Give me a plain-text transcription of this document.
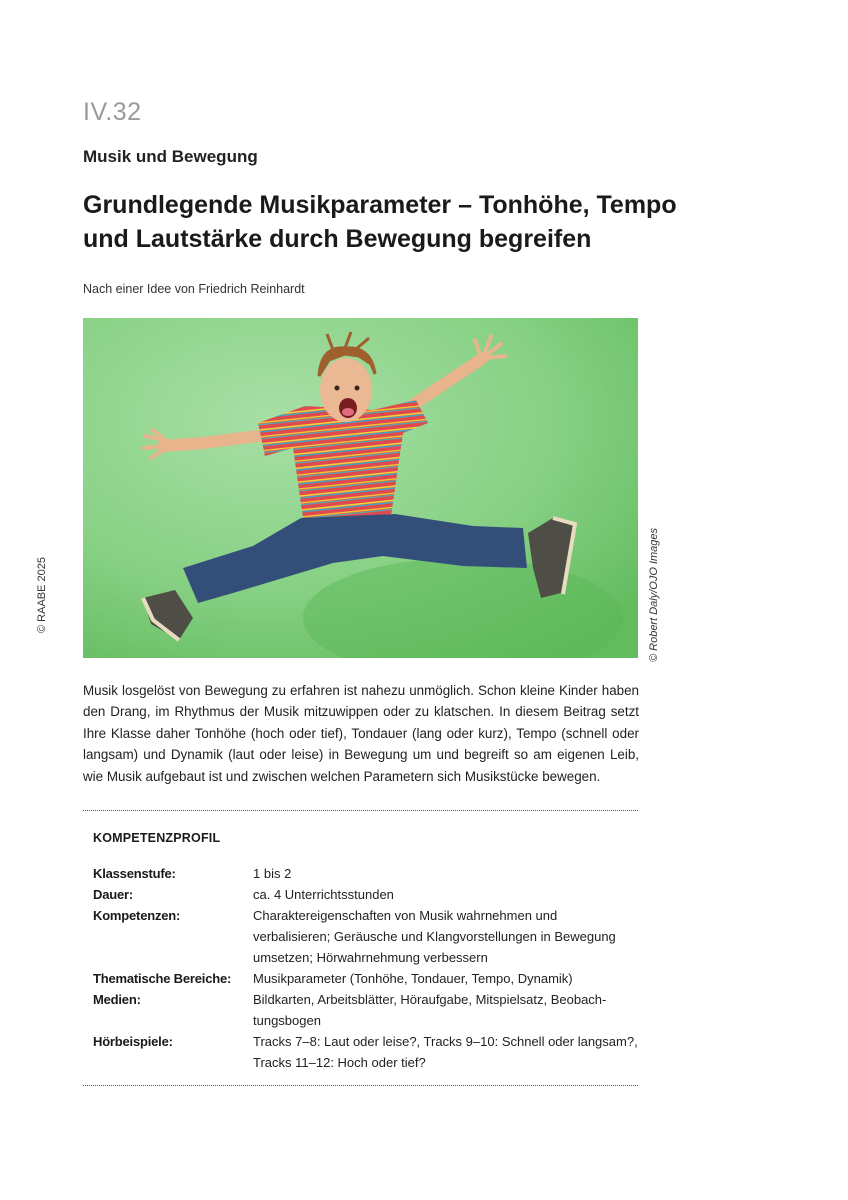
IV.32
Musik und Bewegung
Grundlegende Musikparameter – Tonhöhe, Tempo
und Lautstärke durch Bewegung begreifen
Nach einer Idee von Friedrich Reinhardt
© RAABE 2025	© Robert Daly/OJO Images

Musik losgelöst von Bewegung zu erfahren ist nahezu unmöglich. Schon kleine Kinder haben den Drang, im Rhythmus der Musik mitzuwippen oder zu klatschen. In diesem Beitrag setzt Ihre Klasse daher Tonhöhe (hoch oder tief), Tondauer (lang oder kurz), Tempo (schnell oder langsam) und Dynamik (laut oder leise) in Bewegung um und begreift so am eigenen Leib, wie Musik aufgebaut ist und zwischen welchen Parametern sich Musikstücke bewegen.

KOMPETENZPROFIL
Klassenstufe:	1 bis 2
Dauer:	ca. 4 Unterrichtsstunden
Kompetenzen:	Charaktereigenschaften von Musik wahrnehmen und verbalisieren; Geräusche und Klangvorstellungen in Bewegung umsetzen; Hörwahrnehmung verbessern
Thematische Bereiche:	Musikparameter (Tonhöhe, Tondauer, Tempo, Dynamik)
Medien:	Bildkarten, Arbeitsblätter, Höraufgabe, Mitspielsatz, Beobachtungsbogen
Hörbeispiele:	Tracks 7–8: Laut oder leise?, Tracks 9–10: Schnell oder langsam?, Tracks 11–12: Hoch oder tief?
